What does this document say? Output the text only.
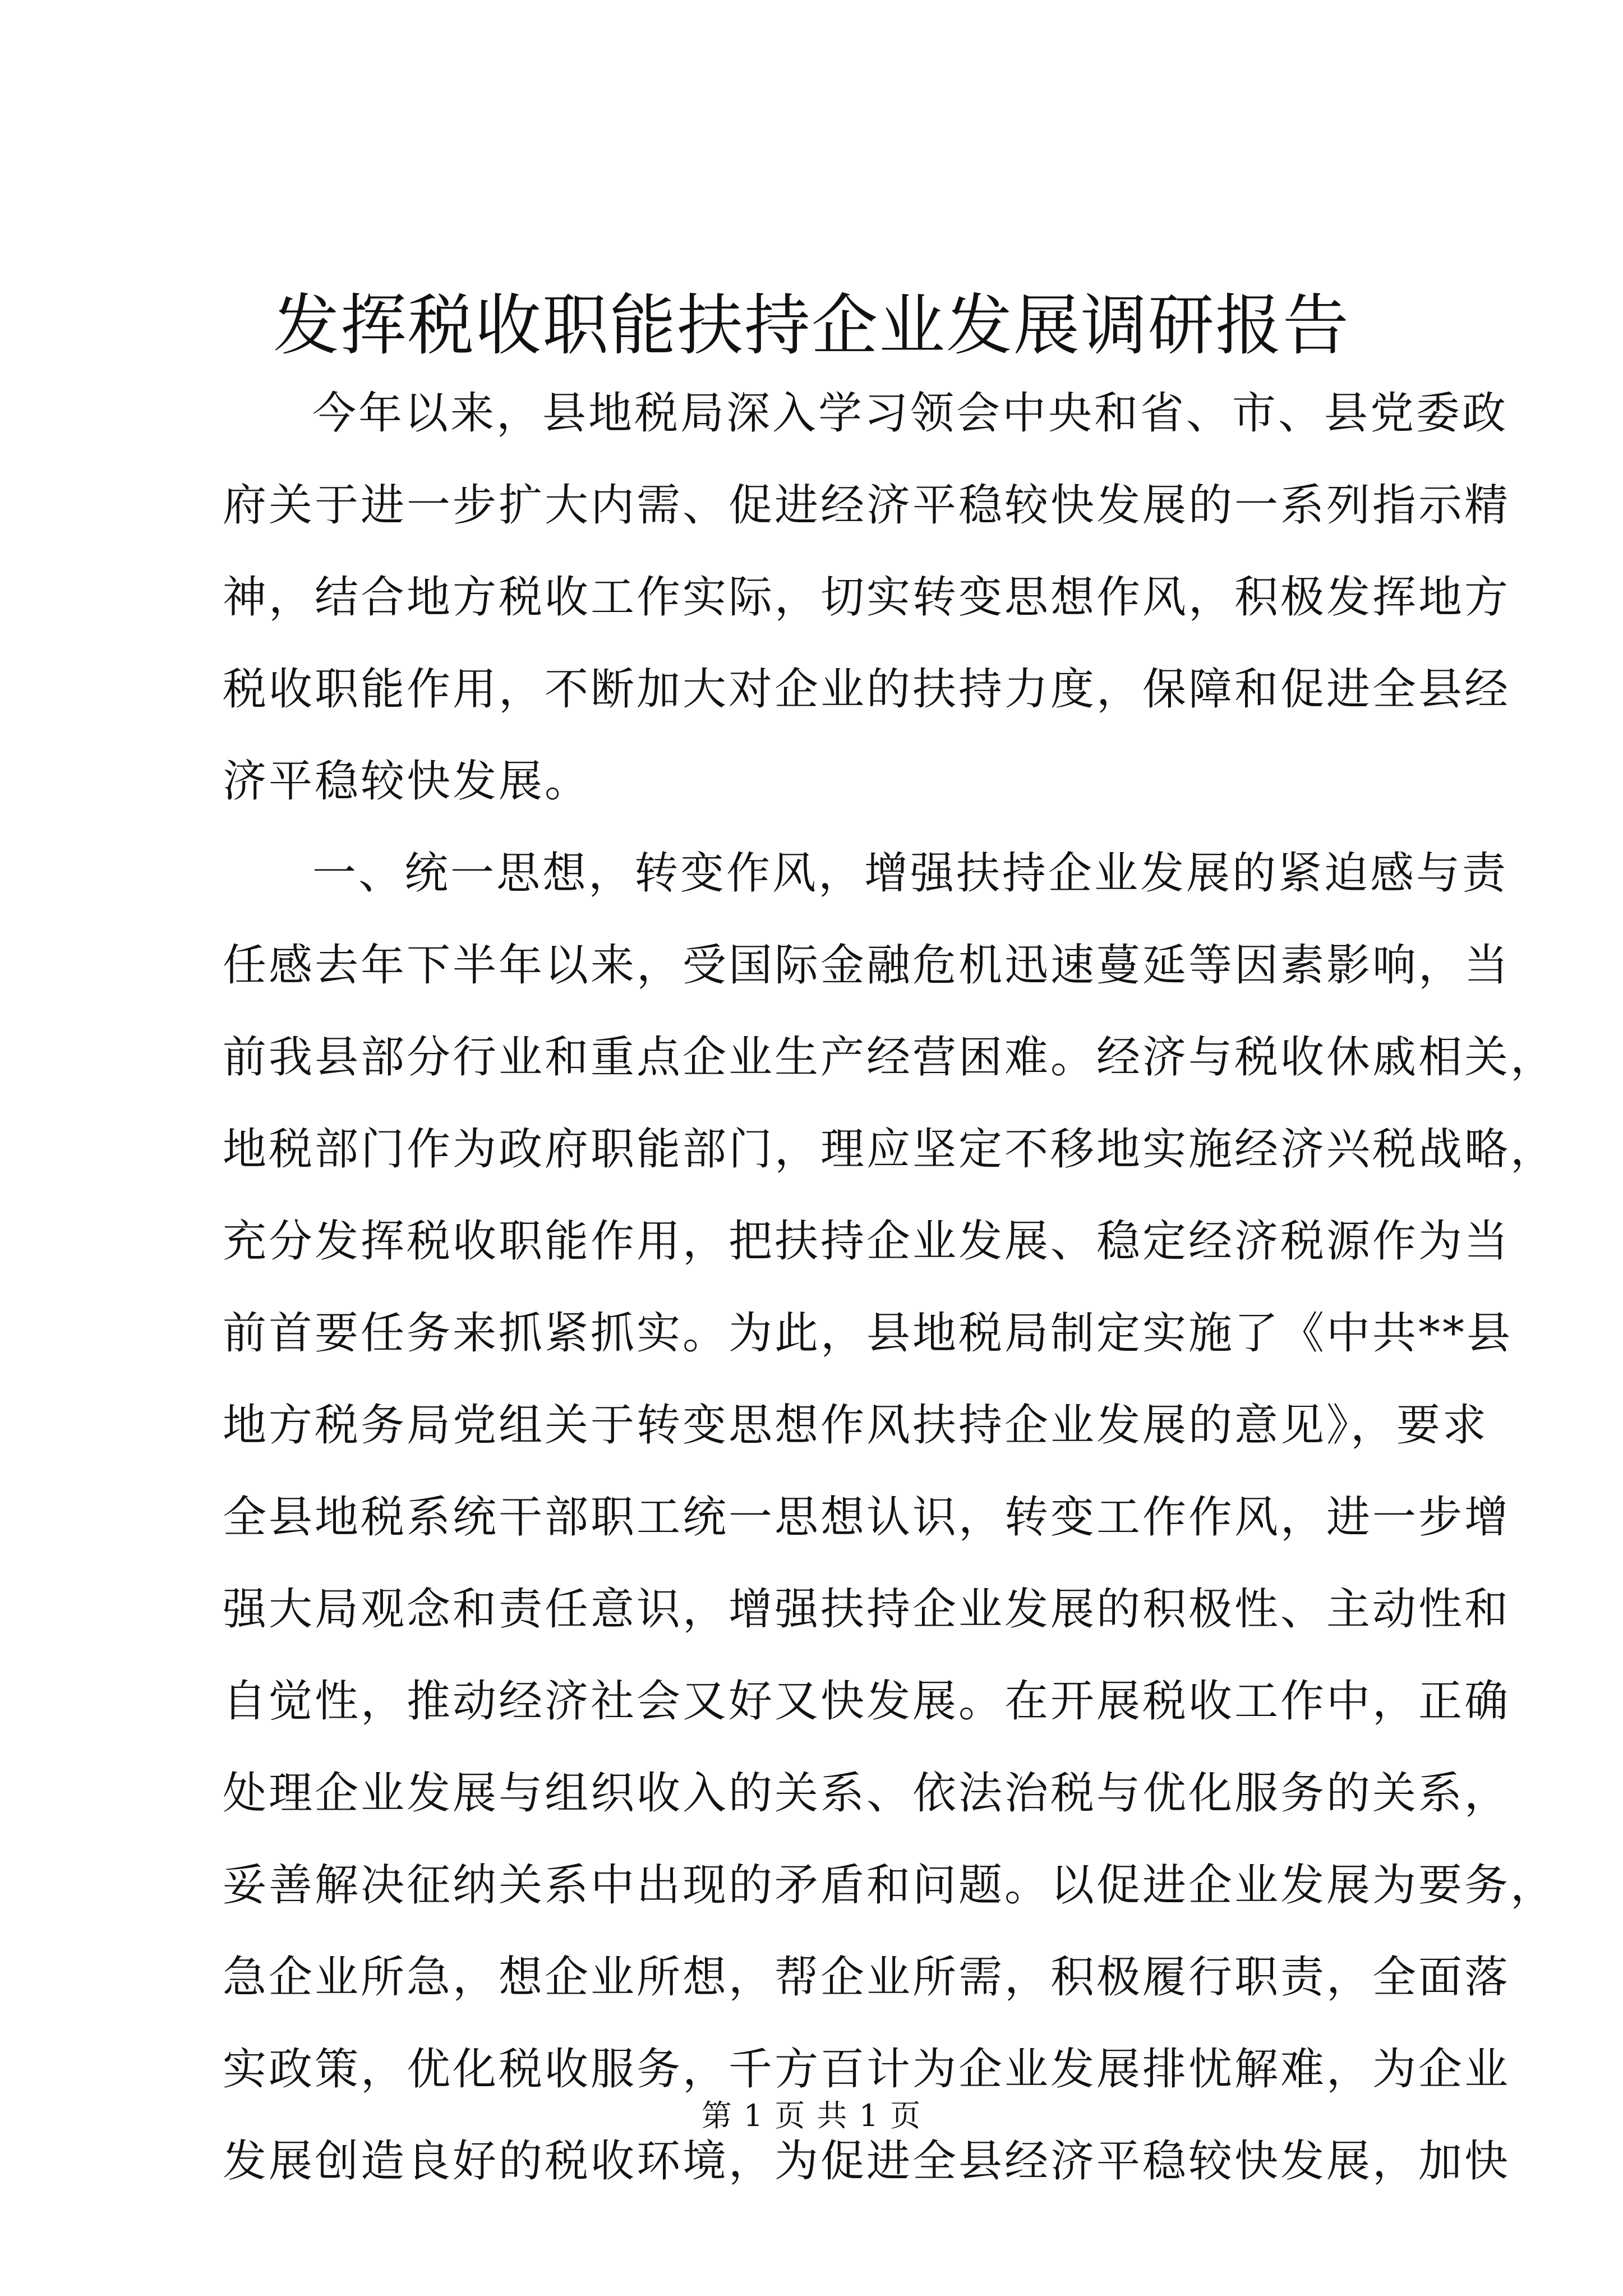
发挥税收职能扶持企业发展调研报告
今年以来，县地税局深入学习领会中央和省、市、县党委政
府关于进一步扩大内需、促进经济平稳较快发展的一系列指示精
神，结合地方税收工作实际，切实转变思想作风，积极发挥地方
税收职能作用，不断加大对企业的扶持力度，保障和促进全县经
济平稳较快发展。
一、统一思想，转变作风，增强扶持企业发展的紧迫感与责
任感去年下半年以来，受国际金融危机迅速蔓延等因素影响，当
前我县部分行业和重点企业生产经营困难。经济与税收休戚相关，
地税部门作为政府职能部门，理应坚定不移地实施经济兴税战略，
充分发挥税收职能作用，把扶持企业发展、稳定经济税源作为当
前首要任务来抓紧抓实。为此，县地税局制定实施了《中共**县
地方税务局党组关于转变思想作风扶持企业发展的意见》，要求
全县地税系统干部职工统一思想认识，转变工作作风，进一步增
强大局观念和责任意识，增强扶持企业发展的积极性、主动性和
自觉性，推动经济社会又好又快发展。在开展税收工作中，正确
处理企业发展与组织收入的关系、依法治税与优化服务的关系，
妥善解决征纳关系中出现的矛盾和问题。以促进企业发展为要务，
急企业所急，想企业所想，帮企业所需，积极履行职责，全面落
实政策，优化税收服务，千方百计为企业发展排忧解难，为企业
发展创造良好的税收环境，为促进全县经济平稳较快发展，加快
第 1 页 共 1 页
